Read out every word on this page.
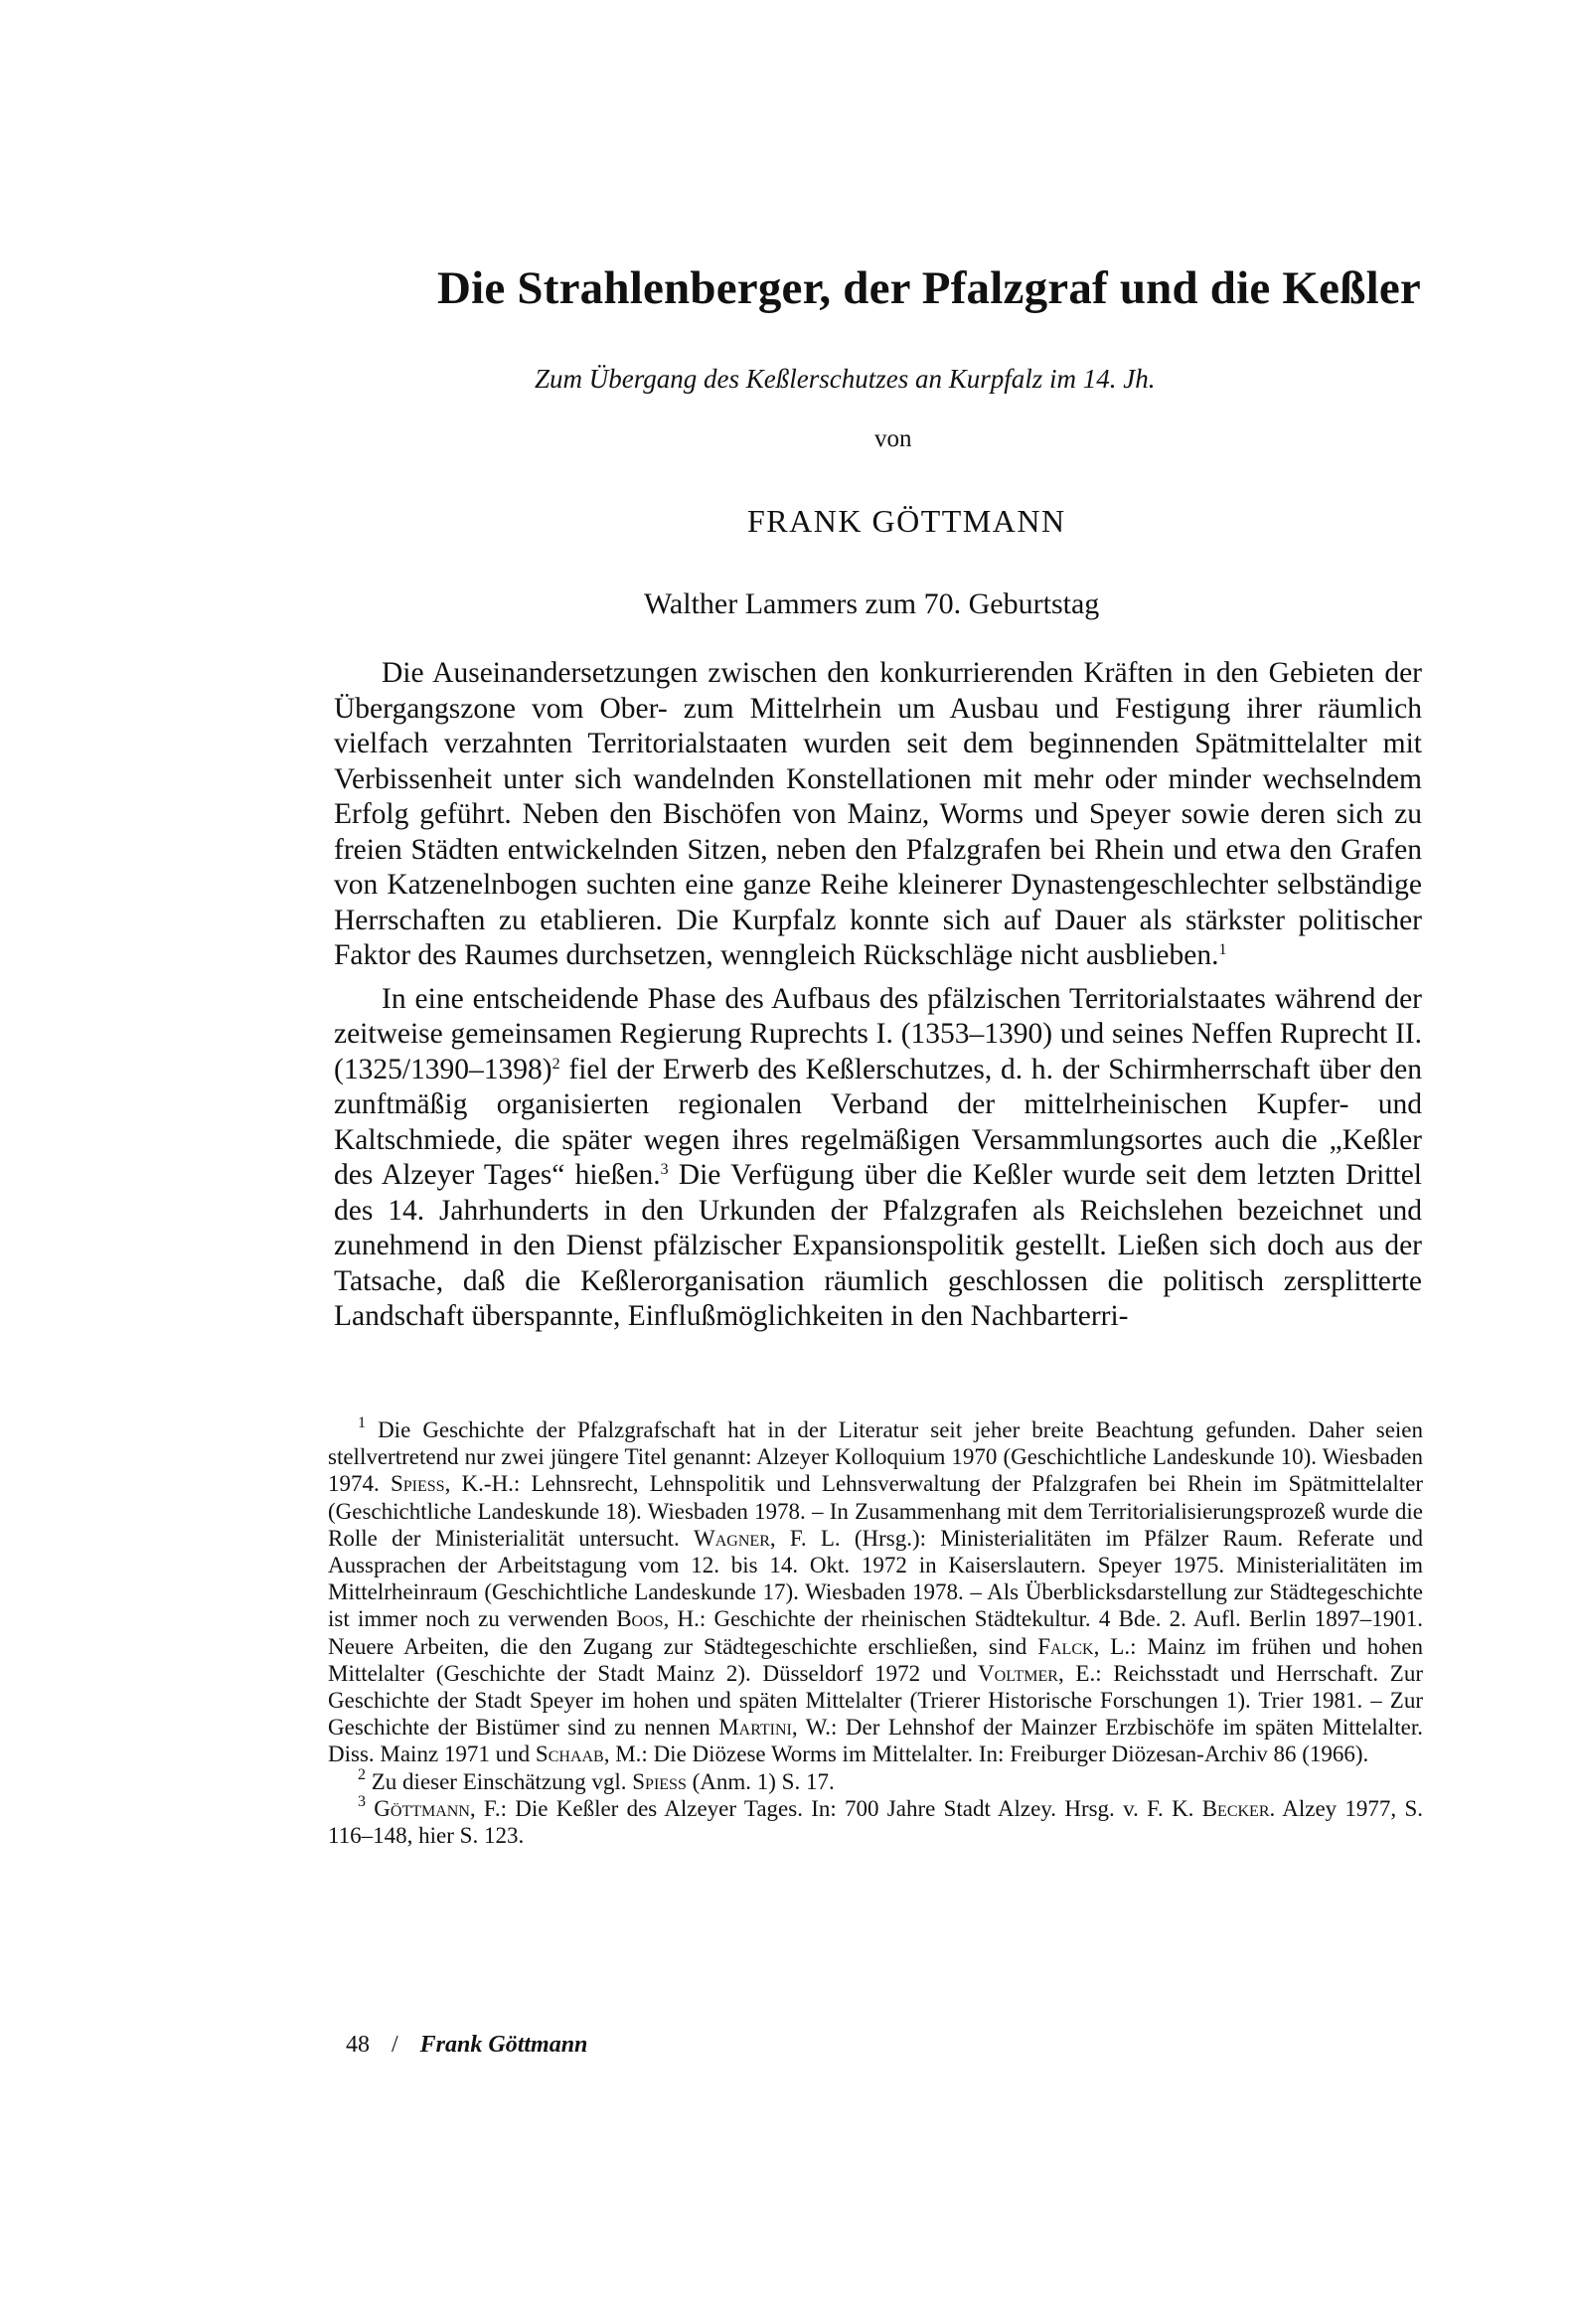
Die Strahlenberger, der Pfalzgraf und die Keßler
Zum Übergang des Keßlerschutzes an Kurpfalz im 14. Jh.
von
FRANK GÖTTMANN
Walther Lammers zum 70. Geburtstag

Die Auseinandersetzungen zwischen den konkurrierenden Kräften in den Gebieten der Übergangszone vom Ober- zum Mittelrhein um Ausbau und Festigung ihrer räumlich vielfach verzahnten Territorialstaaten wurden seit dem beginnenden Spätmittelalter mit Verbissenheit unter sich wandelnden Konstellationen mit mehr oder minder wechselndem Erfolg geführt. Neben den Bischöfen von Mainz, Worms und Speyer sowie deren sich zu freien Städten entwickelnden Sitzen, neben den Pfalzgrafen bei Rhein und etwa den Grafen von Katzenelnbogen suchten eine ganze Reihe kleinerer Dynastengeschlechter selbständige Herrschaften zu etablieren. Die Kurpfalz konnte sich auf Dauer als stärkster politischer Faktor des Raumes durchsetzen, wenngleich Rückschläge nicht ausblieben.$^1$

In eine entscheidende Phase des Aufbaus des pfälzischen Territorialstaates während der zeitweise gemeinsamen Regierung Ruprechts I. (1353–1390) und seines Neffen Ruprecht II. $(1325/1390-1398)^2$ fiel der Erwerb des Keßlerschutzes, d. h. der Schirmherrschaft über den zunftmäßig organisierten regionalen Verband der mittelrheinischen Kupfer- und Kaltschmiede, die später wegen ihres regelmäßigen Versammlungsortes auch die „Keßler des Alzeyer Tages“ hießen.$^3$ Die Verfügung über die Keßler wurde seit dem letzten Drittel des 14. Jahrhunderts in den Urkunden der Pfalzgrafen als Reichslehen bezeichnet und zunehmend in den Dienst pfälzischer Expansionspolitik gestellt. Ließen sich doch aus der Tatsache, daß die Keßlerorganisation räumlich geschlossen die politisch zersplitterte Landschaft überspannte, Einflußmöglichkeiten in den Nachbarterri-

$^1$ Die Geschichte der Pfalzgrafschaft hat in der Literatur seit jeher breite Beachtung gefunden. Daher seien stellvertretend nur zwei jüngere Titel genannt: Alzeyer Kolloquium 1970 (Geschichtliche Landeskunde 10). Wiesbaden 1974. Spiess, K.-H.: Lehnsrecht, Lehnspolitik und Lehnsverwaltung der Pfalzgrafen bei Rhein im Spätmittelalter (Geschichtliche Landeskunde 18). Wiesbaden 1978. – In Zusammenhang mit dem Territorialisierungsprozeß wurde die Rolle der Ministerialität untersucht. Wagner, F. L. (Hrsg.): Ministerialitäten im Pfälzer Raum. Referate und Aussprachen der Arbeitstagung vom 12. bis 14. Okt. 1972 in Kaiserslautern. Speyer 1975. Ministerialitäten im Mittelrheinraum (Geschichtliche Landeskunde 17). Wiesbaden 1978. – Als Überblicksdarstellung zur Städtegeschichte ist immer noch zu verwenden Boos, H.: Geschichte der rheinischen Städtekultur. 4 Bde. 2. Aufl. Berlin 1897–1901. Neuere Arbeiten, die den Zugang zur Städtegeschichte erschließen, sind Falck, L.: Mainz im frühen und hohen Mittelalter (Geschichte der Stadt Mainz 2). Düsseldorf 1972 und Voltmer, E.: Reichsstadt und Herrschaft. Zur Geschichte der Stadt Speyer im hohen und späten Mittelalter (Trierer Historische Forschungen 1). Trier 1981. – Zur Geschichte der Bistümer sind zu nennen Martini, W.: Der Lehnshof der Mainzer Erzbischöfe im späten Mittelalter. Diss. Mainz 1971 und Schaab, M.: Die Diözese Worms im Mittelalter. In: Freiburger Diözesan-Archiv 86 (1966).

$^2$ Zu dieser Einschätzung vgl. Spiess (Anm. 1) S. 17.

$^3$ Göttmann, F.: Die Keßler des Alzeyer Tages. In: 700 Jahre Stadt Alzey. Hrsg. v. F. K. Becker. Alzey 1977, S. 116–148, hier S. 123.

48 / Frank Göttmann
